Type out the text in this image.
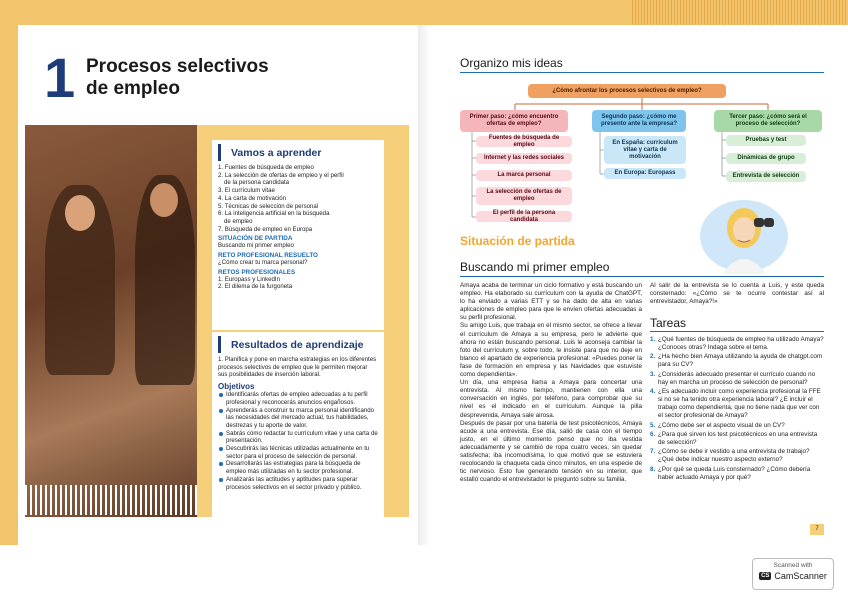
1 Procesos selectivos
de empleo
Vamos a aprender
1. Fuentes de búsqueda de empleo
2. La selección de ofertas de empleo y el perfil
de la persona candidata
3. El currículum vitae
4. La carta de motivación
5. Técnicas de selección de personal
6. La inteligencia artificial en la búsqueda
de empleo
7. Búsqueda de empleo en Europa
SITUACIÓN DE PARTIDA
Buscando mi primer empleo
RETO PROFESIONAL RESUELTO
¿Cómo crear tu marca personal?
RETOS PROFESIONALES
1. Europass y LinkedIn
2. El dilema de la furgoneta
Resultados de aprendizaje
1. Planifica y pone en marcha estrategias en los diferentes procesos selectivos de empleo que le permiten mejorar sus posibilidades de inserción laboral.
Objetivos
Identificarás ofertas de empleo adecuadas a tu perfil profesional y reconocerás anuncios engañosos.
Aprenderás a construir tu marca personal identificando las necesidades del mercado actual, tus habilidades, destrezas y tu aporte de valor.
Sabrás cómo redactar tu currículum vitae y una carta de presentación.
Descubrirás las técnicas utilizadas actualmente en tu sector para el proceso de selección de personal.
Desarrollarás las estrategias para la búsqueda de empleo más utilizadas en tu sector profesional.
Analizarás las actitudes y aptitudes para superar procesos selectivos en el sector privado y público.
Organizo mis ideas
¿Cómo afrontar los procesos selectivos de empleo?
Primer paso: ¿cómo encuentro ofertas de empleo?
Fuentes de búsqueda de empleo
Internet y las redes sociales
La marca personal
La selección de ofertas de empleo
El perfil de la persona candidata
Segundo paso: ¿cómo me presento ante la empresa?
En España: currículum vitae y carta de motivación
En Europa: Europass
Tercer paso: ¿cómo será el proceso de selección?
Pruebas y test
Dinámicas de grupo
Entrevista de selección
Situación de partida
Buscando mi primer empleo

Amaya acaba de terminar un ciclo formativo y está buscando un empleo. Ha elaborado su currículum con la ayuda de ChatGPT, lo ha enviado a varias ETT y se ha dado de alta en varias aplicaciones de empleo para que le envíen ofertas adecuadas a su perfil profesional.

Su amigo Luis, que trabaja en el mismo sector, se ofrece a llevar el currículum de Amaya a su empresa, pero le advierte que ahora no están buscando personal. Luis le aconseja cambiar la foto del currículum y, sobre todo, le insiste para que no deje en blanco el apartado de experiencia profesional: «Puedes poner la fase de formación en empresa y las Navidades que estuviste como dependienta».

Un día, una empresa llama a Amaya para concertar una entrevista. Al mismo tiempo, mantienen con ella una conversación en inglés, por teléfono, para comprobar que su nivel es el indicado en el currículum. Aunque la pilla desprevenida, Amaya sale airosa.

Después de pasar por una batería de test psicotécnicos, Amaya acude a una entrevista. Ese día, salió de casa con el tiempo justo, en el último momento pensó que no iba vestida adecuadamente y se cambió de ropa cuatro veces, sin quedar satisfecha; iba incomodísima, lo que motivó que se estuviera recolocando la chaqueta cada cinco minutos, en una especie de tic nervioso. Esto fue generando tensión en su interior, que estalló cuando el entrevistador le preguntó sobre su familia.

Al salir de la entrevista se lo cuenta a Luis, y este queda consternado: «¿Cómo se te ocurre contestar así al entrevistador, Amaya?!»
Tareas
1. ¿Qué fuentes de búsqueda de empleo ha utilizado Amaya? ¿Conoces otras? Indaga sobre el tema.
2. ¿Ha hecho bien Amaya utilizando la ayuda de chatgpt.com para su CV?
3. ¿Considerás adecuado presentar el currículo cuando no hay en marcha un proceso de selección de personal?
4. ¿Es adecuado incluir como experiencia profesional la FFE si no se ha tenido otra experiencia laboral? ¿E incluir el trabajo como dependienta, que no tiene nada que ver con el sector profesional de Amaya?
5. ¿Cómo debe ser el aspecto visual de un CV?
6. ¿Para qué sirven los test psicotécnicos en una entrevista de selección?
7. ¿Cómo se debe ir vestido a una entrevista de trabajo? ¿Qué debe indicar nuestro aspecto externo?
8. ¿Por qué se queda Luis consternado? ¿Cómo debería haber actuado Amaya y por qué?
7
Scanned with
CS CamScanner
